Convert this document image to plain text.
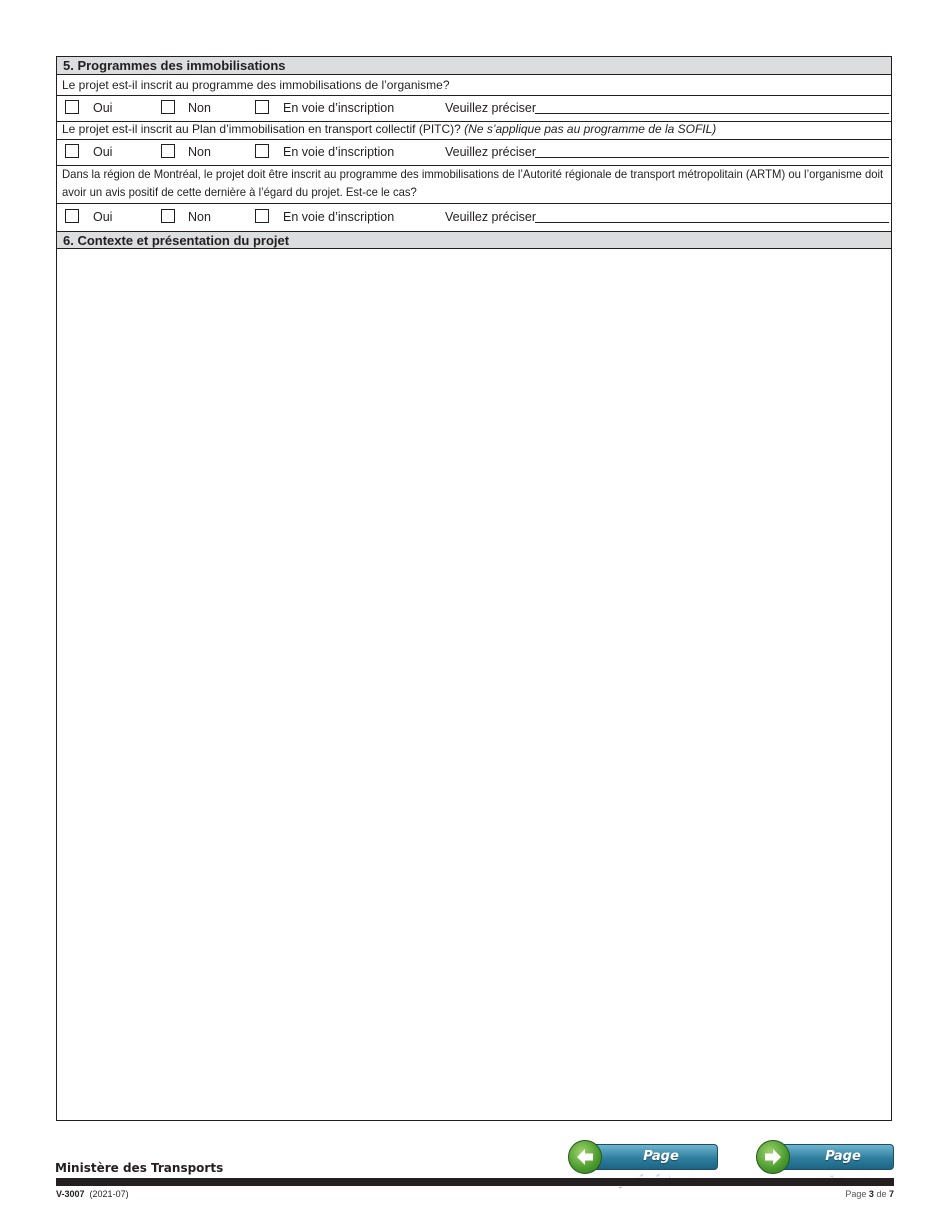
5. Programmes des immobilisations
Le projet est-il inscrit au programme des immobilisations de l’organisme?
Oui	Non	En voie d’inscription	Veuillez préciser
Le projet est-il inscrit au Plan d’immobilisation en transport collectif (PITC)? (Ne s’applique pas au programme de la SOFIL)
Oui	Non	En voie d’inscription	Veuillez préciser
Dans la région de Montréal, le projet doit être inscrit au programme des immobilisations de l’Autorité régionale de transport métropolitain (ARTM) ou l’organisme doit
avoir un avis positif de cette dernière à l’égard du projet. Est-ce le cas?
Oui	Non	En voie d’inscription	Veuillez préciser
6. Contexte et présentation du projet
Page	Page
Ministère des Transports
V-3007 (2021-07)	Page 3 de 7
